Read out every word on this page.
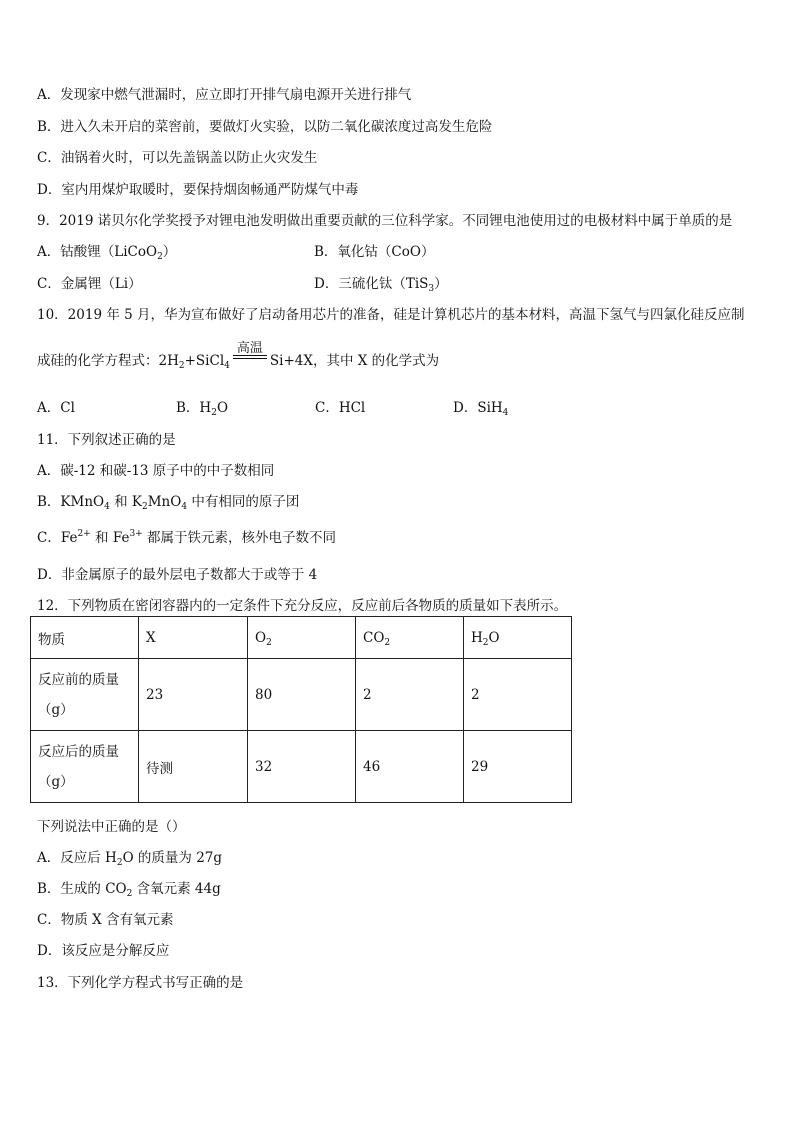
A．发现家中燃气泄漏时，应立即打开排气扇电源开关进行排气
B．进入久未开启的菜窖前，要做灯火实验，以防二氧化碳浓度过高发生危险
C．油锅着火时，可以先盖锅盖以防止火灾发生
D．室内用煤炉取暖时，要保持烟囱畅通严防煤气中毒
9．2019 诺贝尔化学奖授予对锂电池发明做出重要贡献的三位科学家。不同锂电池使用过的电极材料中属于单质的是
A．钴酸锂（LiCoO$_2$）	B．氧化钴（CoO）
C．金属锂（Li）	D．三硫化钛（TiS$_3$）
10．2019 年 5 月，华为宣布做好了启动备用芯片的准备，硅是计算机芯片的基本材料，高温下氢气与四氯化硅反应制
成硅的化学方程式：$2H_2+SiCl_4$
高温
Si+4X，其中 X 的化学式为
A．Cl	B．$H_2O$	C．HCl	D．SiH$_4$
11．下列叙述正确的是
A．碳-12 和碳-13 原子中的中子数相同
B．KMnO$_4$ 和 $K_2MnO_4$ 中有相同的原子团
C．$Fe^{2+}$ 和 $Fe^{3+}$ 都属于铁元素，核外电子数不同
D．非金属原子的最外层电子数都大于或等于 4
12．下列物质在密闭容器内的一定条件下充分反应，反应前后各物质的质量如下表所示。
物质	X	$O_2$	$CO_2$	$H_2O$
反应前的质量
（g）	23	80	2	2
反应后的质量
（g）	待测	32	46	29
下列说法中正确的是（）
A．反应后 $H_2O$ 的质量为 27g
B．生成的 $CO_2$ 含氧元素 44g
C．物质 X 含有氧元素
D．该反应是分解反应
13．下列化学方程式书写正确的是
